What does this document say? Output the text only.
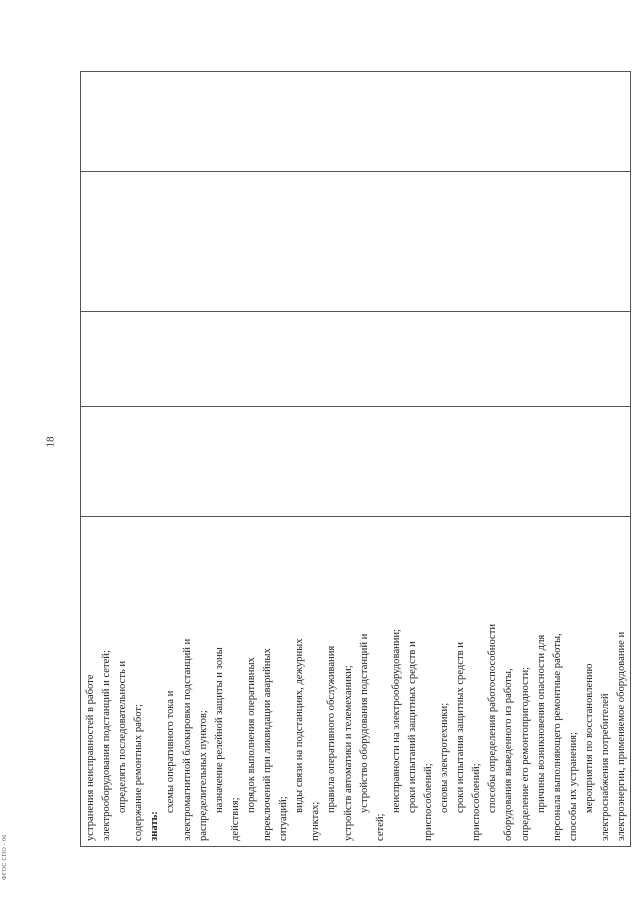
ФГОС СПО - 06
18
устранения неисправностей в работе электрооборудования подстанций и сетей; определять последовательность и содержание ремонтных работ; знать:
схемы оперативного тока и электромагнитной блокировки подстанций и распределительных пунктов; назначение релейной защиты и зоны
действия;
порядок выполнения оперативных переключений при ликвидации аварийных ситуаций;
виды связи на подстанциях, дежурных
пунктах;
правила оперативного обслуживания устройств автоматики и телемеханики; устройство оборудования подстанций и
сетей;
неисправности на электрооборудовании; сроки испытаний защитных средств и приспособлений; основы электротехники; сроки испытания защитных средств и приспособлений; способы определения работоспособности оборудования выведенного из работы, определение его ремонтопригодности; причины возникновения опасности для персонала выполняющего ремонтные работы, способы их устранения; мероприятия по восстановлению электроснабжения потребителей электроэнергии, применяемое оборудование и
